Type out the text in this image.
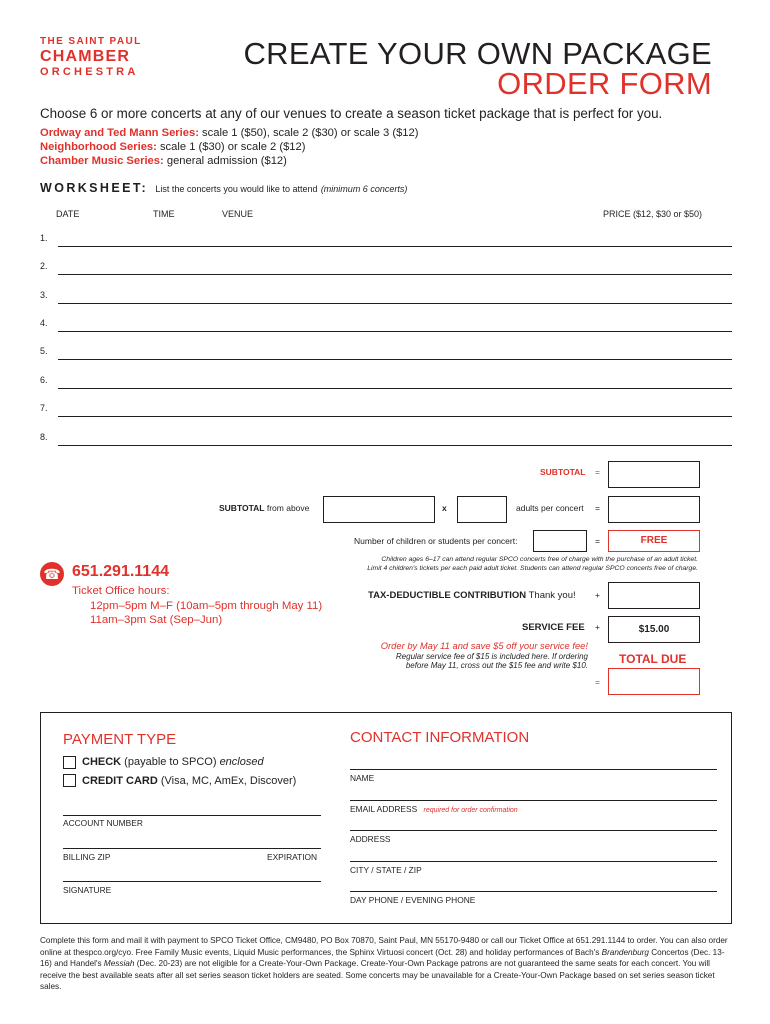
THE SAINT PAUL
CHAMBER
ORCHESTRA
CREATE YOUR OWN PACKAGE
ORDER FORM
Choose 6 or more concerts at any of our venues to create a season ticket package that is perfect for you.
Ordway and Ted Mann Series: scale 1 ($50), scale 2 ($30) or scale 3 ($12)
Neighborhood Series: scale 1 ($30) or scale 2 ($12)
Chamber Music Series: general admission ($12)
WORKSHEET: List the concerts you would like to attend (minimum 6 concerts)
DATE	TIME	VENUE	PRICE ($12, $30 or $50)
1.
2.
3.
4.
5.
6.
7.
8.
SUBTOTAL =
SUBTOTAL from above	x	adults per concert =
Number of children or students per concert:	=	FREE
Children ages 6–17 can attend regular SPCO concerts free of charge with the purchase of an adult ticket.
Limit 4 children's tickets per each paid adult ticket. Students can attend regular SPCO concerts free of charge.
☎ 651.291.1144
Ticket Office hours:
12pm–5pm M–F (10am–5pm through May 11)
11am–3pm Sat (Sep–Jun)
TAX-DEDUCTIBLE CONTRIBUTION Thank you! +
SERVICE FEE +	$15.00
Order by May 11 and save $5 off your service fee!
Regular service fee of $15 is included here. If ordering
before May 11, cross out the $15 fee and write $10.	TOTAL DUE
=
PAYMENT TYPE
CHECK (payable to SPCO) enclosed
CREDIT CARD (Visa, MC, AmEx, Discover)
ACCOUNT NUMBER
BILLING ZIP	EXPIRATION
SIGNATURE
CONTACT INFORMATION
NAME
EMAIL ADDRESS required for order confirmation
ADDRESS
CITY / STATE / ZIP
DAY PHONE / EVENING PHONE
Complete this form and mail it with payment to SPCO Ticket Office, CM9480, PO Box 70870, Saint Paul, MN 55170-9480 or call our Ticket Office at 651.291.1144 to order. You can also order online at thespco.org/cyo. Free Family Music events, Liquid Music performances, the Sphinx Virtuosi concert (Oct. 28) and holiday performances of Bach's Brandenburg Concertos (Dec. 13-16) and Handel's Messiah (Dec. 20-23) are not eligible for a Create-Your-Own Package. Create-Your-Own Package patrons are not guaranteed the same seats for each concert. You will receive the best available seats after all set series season ticket holders are seated. Some concerts may be unavailable for a Create-Your-Own Package based on set series season ticket sales.
